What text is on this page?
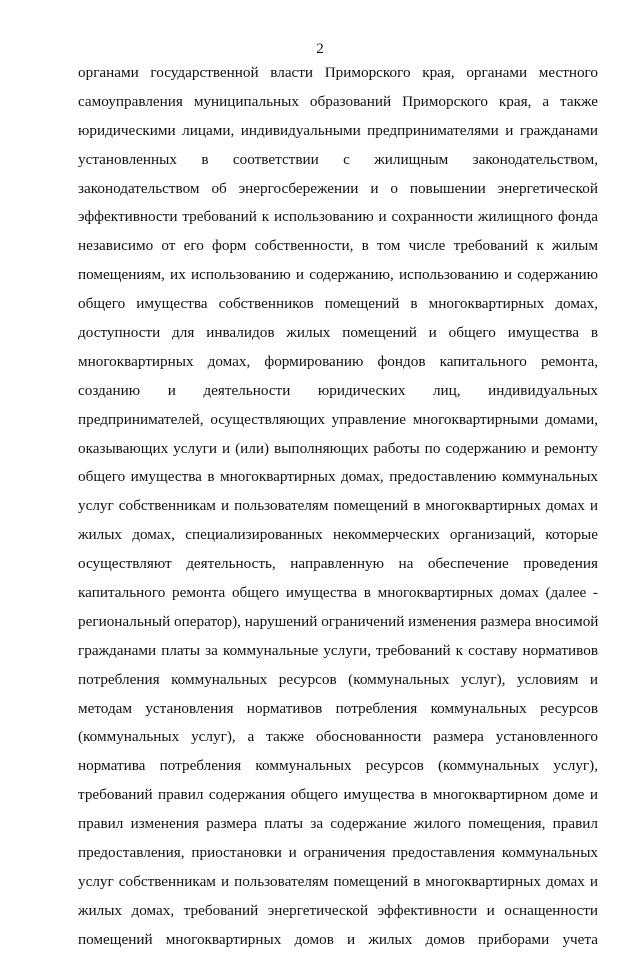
2
органами государственной власти Приморского края, органами местного
самоуправления муниципальных образований Приморского края, а также
юридическими лицами, индивидуальными предпринимателями и гражданами
установленных в соответствии с жилищным законодательством,
законодательством об энергосбережении и о повышении энергетической
эффективности требований к использованию и сохранности жилищного фонда
независимо от его форм собственности, в том числе требований к жилым
помещениям, их использованию и содержанию, использованию и содержанию
общего имущества собственников помещений в многоквартирных домах,
доступности для инвалидов жилых помещений и общего имущества в
многоквартирных домах, формированию фондов капитального ремонта,
созданию и деятельности юридических лиц, индивидуальных
предпринимателей, осуществляющих управление многоквартирными домами,
оказывающих услуги и (или) выполняющих работы по содержанию и ремонту
общего имущества в многоквартирных домах, предоставлению коммунальных
услуг собственникам и пользователям помещений в многоквартирных домах и
жилых домах, специализированных некоммерческих организаций, которые
осуществляют деятельность, направленную на обеспечение проведения
капитального ремонта общего имущества в многоквартирных домах (далее -
региональный оператор), нарушений ограничений изменения размера вносимой
гражданами платы за коммунальные услуги, требований к составу нормативов
потребления коммунальных ресурсов (коммунальных услуг), условиям и
методам установления нормативов потребления коммунальных ресурсов
(коммунальных услуг), а также обоснованности размера установленного
норматива потребления коммунальных ресурсов (коммунальных услуг),
требований правил содержания общего имущества в многоквартирном доме и
правил изменения размера платы за содержание жилого помещения, правил
предоставления, приостановки и ограничения предоставления коммунальных
услуг собственникам и пользователям помещений в многоквартирных домах и
жилых домах, требований энергетической эффективности и оснащенности
помещений многоквартирных домов и жилых домов приборами учета
